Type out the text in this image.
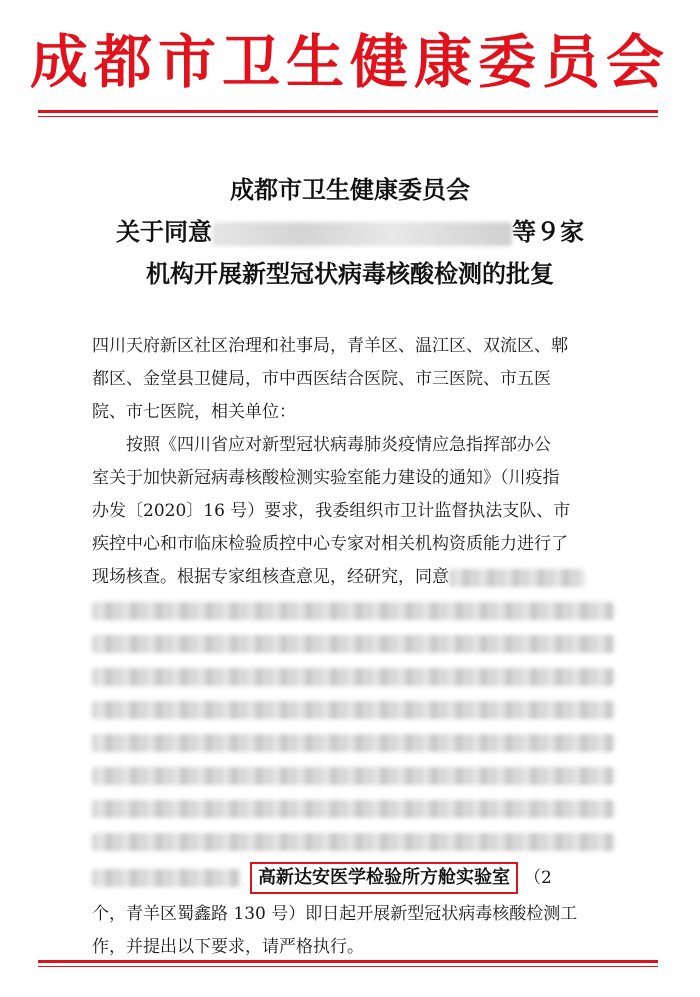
成都市卫生健康委员会
成都市卫生健康委员会
关于同意	等９家
机构开展新型冠状病毒核酸检测的批复
四川天府新区社区治理和社事局，青羊区、温江区、双流区、郫
都区、金堂县卫健局，市中西医结合医院、市三医院、市五医
院、市七医院，相关单位：
按照《四川省应对新型冠状病毒肺炎疫情应急指挥部办公
室关于加快新冠病毒核酸检测实验室能力建设的通知》（川疫指
办发〔2020〕16 号）要求，我委组织市卫计监督执法支队、市
疾控中心和市临床检验质控中心专家对相关机构资质能力进行了
现场核查。根据专家组核查意见，经研究，同意
高新达安医学检验所方舱实验室 （2
个，青羊区蜀鑫路 130 号）即日起开展新型冠状病毒核酸检测工
作，并提出以下要求，请严格执行。
